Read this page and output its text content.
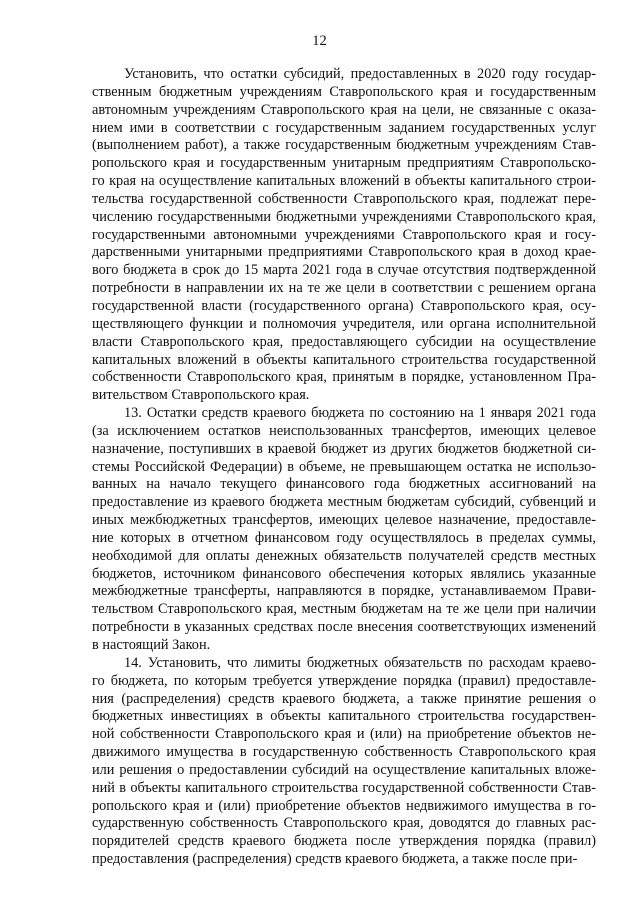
12
Установить, что остатки субсидий, предоставленных в 2020 году государ-
ственным бюджетным учреждениям Ставропольского края и государственным
автономным учреждениям Ставропольского края на цели, не связанные с оказа-
нием ими в соответствии с государственным заданием государственных услуг
(выполнением работ), а также государственным бюджетным учреждениям Став-
ропольского края и государственным унитарным предприятиям Ставропольско-
го края на осуществление капитальных вложений в объекты капитального строи-
тельства государственной собственности Ставропольского края, подлежат пере-
числению государственными бюджетными учреждениями Ставропольского края,
государственными автономными учреждениями Ставропольского края и госу-
дарственными унитарными предприятиями Ставропольского края в доход крае-
вого бюджета в срок до 15 марта 2021 года в случае отсутствия подтвержденной
потребности в направлении их на те же цели в соответствии с решением органа
государственной власти (государственного органа) Ставропольского края, осу-
ществляющего функции и полномочия учредителя, или органа исполнительной
власти Ставропольского края, предоставляющего субсидии на осуществление
капитальных вложений в объекты капитального строительства государственной
собственности Ставропольского края, принятым в порядке, установленном Пра-
вительством Ставропольского края.
13. Остатки средств краевого бюджета по состоянию на 1 января 2021 года
(за исключением остатков неиспользованных трансфертов, имеющих целевое
назначение, поступивших в краевой бюджет из других бюджетов бюджетной си-
стемы Российской Федерации) в объеме, не превышающем остатка не использо-
ванных на начало текущего финансового года бюджетных ассигнований на
предоставление из краевого бюджета местным бюджетам субсидий, субвенций и
иных межбюджетных трансфертов, имеющих целевое назначение, предоставле-
ние которых в отчетном финансовом году осуществлялось в пределах суммы,
необходимой для оплаты денежных обязательств получателей средств местных
бюджетов, источником финансового обеспечения которых являлись указанные
межбюджетные трансферты, направляются в порядке, устанавливаемом Прави-
тельством Ставропольского края, местным бюджетам на те же цели при наличии
потребности в указанных средствах после внесения соответствующих изменений
в настоящий Закон.
14. Установить, что лимиты бюджетных обязательств по расходам краево-
го бюджета, по которым требуется утверждение порядка (правил) предоставле-
ния (распределения) средств краевого бюджета, а также принятие решения о
бюджетных инвестициях в объекты капитального строительства государствен-
ной собственности Ставропольского края и (или) на приобретение объектов не-
движимого имущества в государственную собственность Ставропольского края
или решения о предоставлении субсидий на осуществление капитальных вложе-
ний в объекты капитального строительства государственной собственности Став-
ропольского края и (или) приобретение объектов недвижимого имущества в го-
сударственную собственность Ставропольского края, доводятся до главных рас-
порядителей средств краевого бюджета после утверждения порядка (правил)
предоставления (распределения) средств краевого бюджета, а также после при-
